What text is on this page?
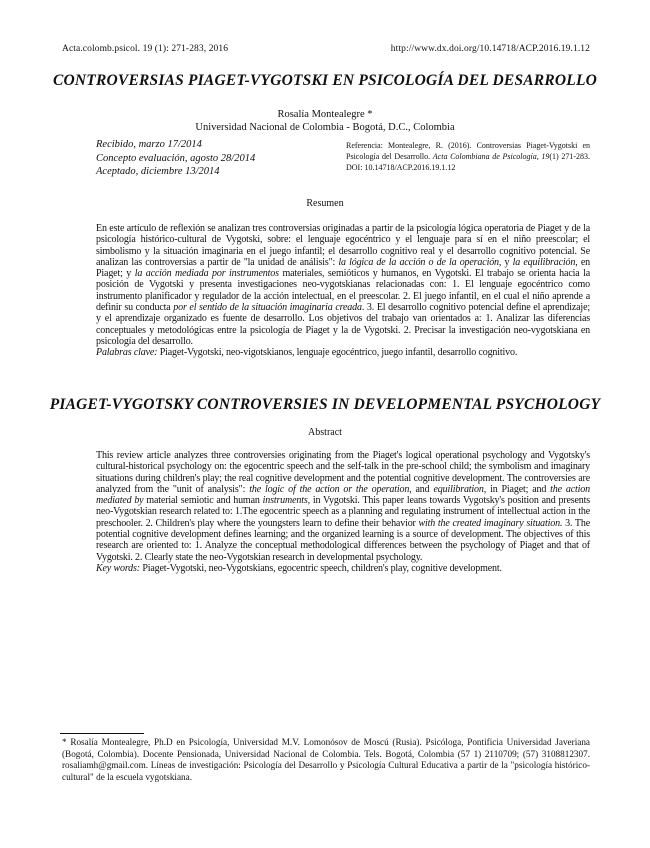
Acta.colomb.psicol. 19 (1): 271-283, 2016	http://www.dx.doi.org/10.14718/ACP.2016.19.1.12
CONTROVERSIAS PIAGET-VYGOTSKI EN PSICOLOGÍA DEL DESARROLLO
Rosalía Montealegre *
Universidad Nacional de Colombia - Bogotá, D.C., Colombia
Recibido, marzo 17/2014
Concepto evaluación, agosto 28/2014
Aceptado, diciembre 13/2014
Referencia: Montealegre, R. (2016). Controversias Piaget-Vygotski en Psicología del Desarrollo. Acta Colombiana de Psicología, 19(1) 271-283. DOI: 10.14718/ACP.2016.19.1.12
Resumen
En este artículo de reflexión se analizan tres controversias originadas a partir de la psicología lógica operatoria de Piaget y de la psicología histórico-cultural de Vygotski, sobre: el lenguaje egocéntrico y el lenguaje para sí en el niño preescolar; el simbolismo y la situación imaginaria en el juego infantil; el desarrollo cognitivo real y el desarrollo cognitivo potencial. Se analizan las controversias a partir de "la unidad de análisis": la lógica de la acción o de la operación, y la equilibración, en Piaget; y la acción mediada por instrumentos materiales, semióticos y humanos, en Vygotski. El trabajo se orienta hacia la posición de Vygotski y presenta investigaciones neo-vygotskianas relacionadas con: 1. El lenguaje egocéntrico como instrumento planificador y regulador de la acción intelectual, en el preescolar. 2. El juego infantil, en el cual el niño aprende a definir su conducta por el sentido de la situación imaginaria creada. 3. El desarrollo cognitivo potencial define el aprendizaje; y el aprendizaje organizado es fuente de desarrollo. Los objetivos del trabajo van orientados a: 1. Analizar las diferencias conceptuales y metodológicas entre la psicología de Piaget y la de Vygotski. 2. Precisar la investigación neo-vygotskiana en psicología del desarrollo.
Palabras clave: Piaget-Vygotski, neo-vigotskianos, lenguaje egocéntrico, juego infantil, desarrollo cognitivo.
PIAGET-VYGOTSKY CONTROVERSIES IN DEVELOPMENTAL PSYCHOLOGY
Abstract
This review article analyzes three controversies originating from the Piaget's logical operational psychology and Vygotsky's cultural-historical psychology on: the egocentric speech and the self-talk in the pre-school child; the symbolism and imaginary situations during children's play; the real cognitive development and the potential cognitive development. The controversies are analyzed from the "unit of analysis": the logic of the action or the operation, and equilibration, in Piaget; and the action mediated by material semiotic and human instruments, in Vygotski. This paper leans towards Vygotsky's position and presents neo-Vygotskian research related to: 1.The egocentric speech as a planning and regulating instrument of intellectual action in the preschooler. 2. Children's play where the youngsters learn to define their behavior with the created imaginary situation. 3. The potential cognitive development defines learning; and the organized learning is a source of development. The objectives of this research are oriented to: 1. Analyze the conceptual methodological differences between the psychology of Piaget and that of Vygotski. 2. Clearly state the neo-Vygotskian research in developmental psychology.
Key words: Piaget-Vygotski, neo-Vygotskians, egocentric speech, children's play, cognitive development.
* Rosalía Montealegre, Ph.D en Psicología, Universidad M.V. Lomonósov de Moscú (Rusia). Psicóloga, Pontificia Universidad Javeriana (Bogotá, Colombia). Docente Pensionada, Universidad Nacional de Colombia. Tels. Bogotá, Colombia (57 1) 2110709; (57) 3108812307. rosaliamh@gmail.com. Líneas de investigación: Psicología del Desarrollo y Psicología Cultural Educativa a partir de la "psicología histórico-cultural" de la escuela vygotskiana.
